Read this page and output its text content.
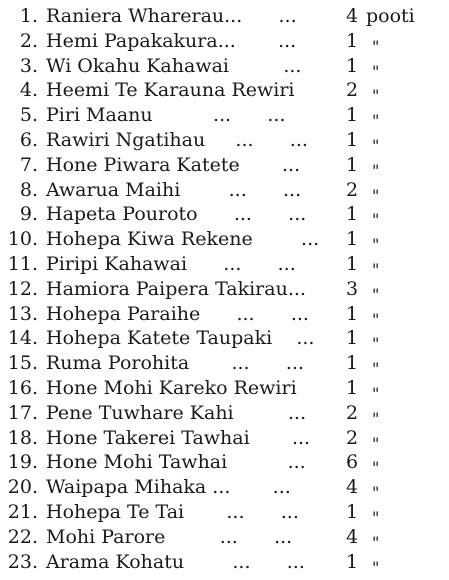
1. Raniera Wharerau...      ...	4 pooti
2. Hemi Papakakura...       ...	1 "
3. Wi Okahu Kahawai         ... 1 "
4. Heemi Te Karauna Rewiri	2 "
5. Piri Maanu          ...      ...	1 "
6. Rawiri Ngatihau     ...      ... 1 "
7. Hone Piwara Katete       ... 1 "
8. Awarua Maihi        ...      ... 2 "
9. Hapeta Pouroto      ...      ... 1 "
10. Hohepa Kiwa Rekene        ... 1 "
11. Piripi Kahawai      ...      ...	1 "
12. Hamiora Paipera Takirau... 3 "
13. Hohepa Paraihe      ...      ... 1 "
14. Hohepa Katete Taupaki    ... 1 "
15. Ruma Porohita       ...      ... 1 "
16. Hone Mohi Kareko Rewiri	1 "
17. Pene Tuwhare Kahi         ... 2 "
18. Hone Takerei Tawhai       ... 2 "
19. Hone Mohi Tawhai          ... 6 "
20. Waipapa Mihaka ...       ...	4 "
21. Hohepa Te Tai       ...      ... 1 "
22. Mohi Parore         ...      ...	4 "
23. Arama Kohatu        ...      ... 1 "
